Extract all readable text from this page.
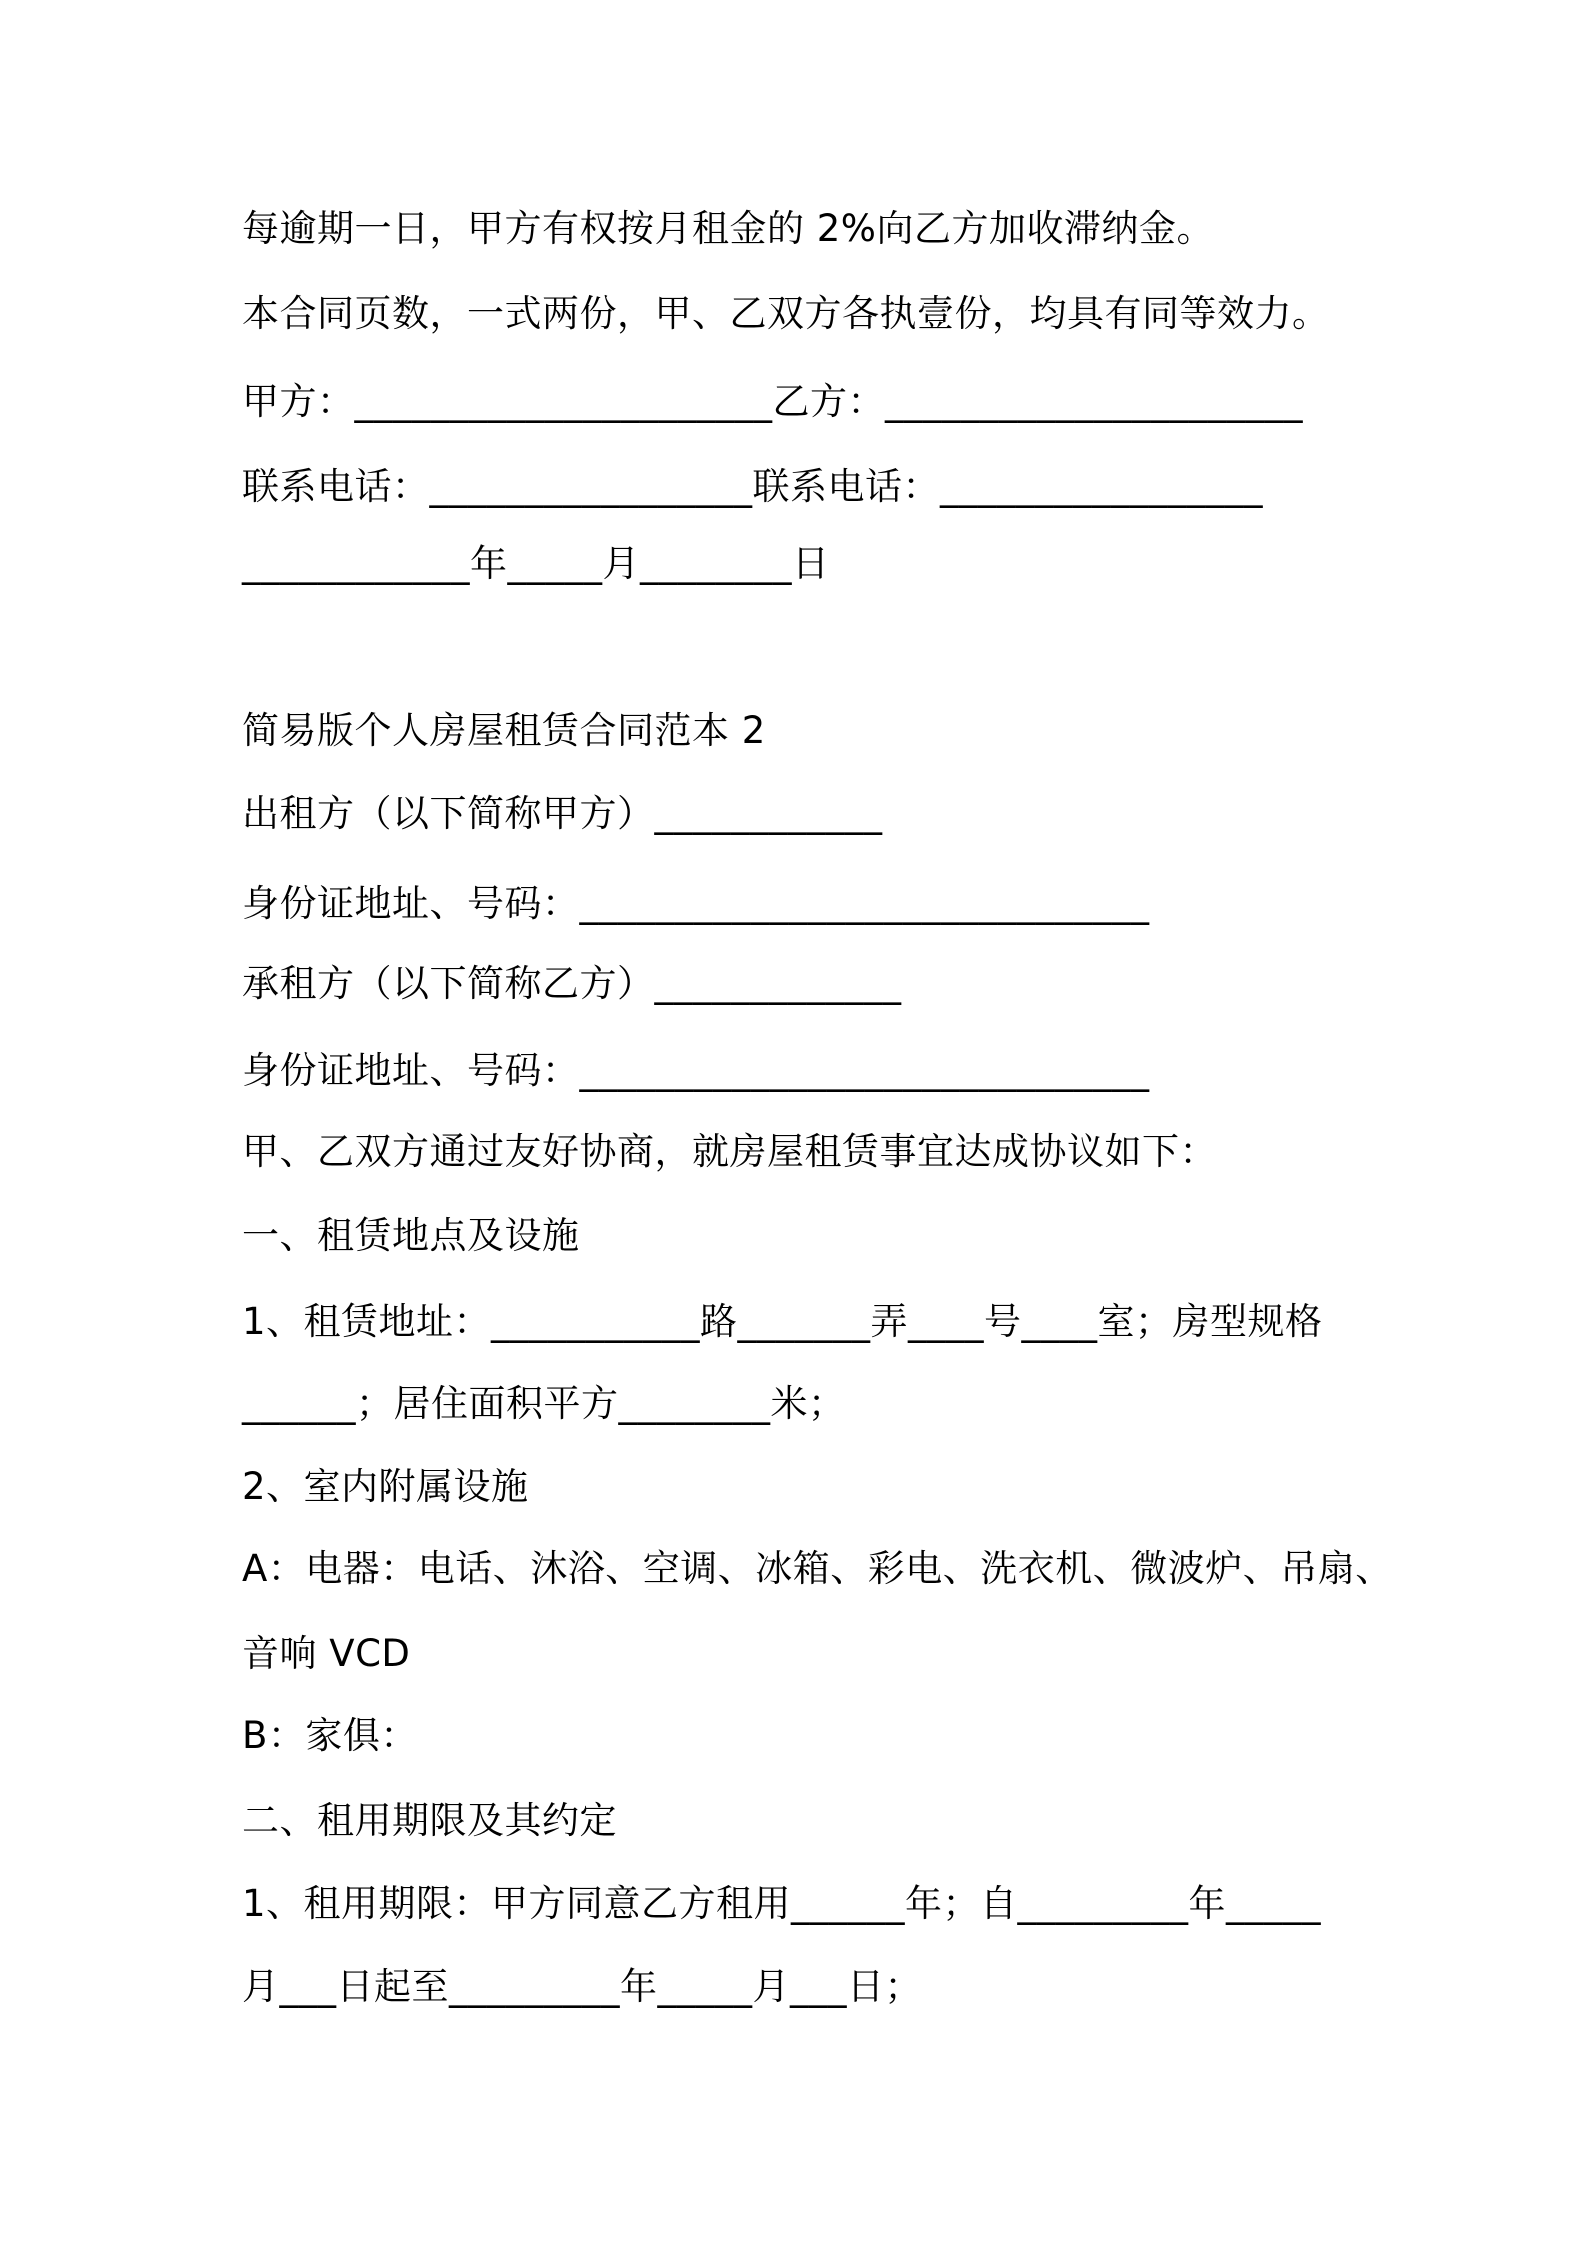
每逾期一日，甲方有权按月租金的 2%向乙方加收滞纳金。
本合同页数，一式两份，甲、乙双方各执壹份，均具有同等效力。
甲方：______________________乙方：______________________
联系电话：_________________联系电话：_________________
____________年_____月________日
简易版个人房屋租赁合同范本 2
出租方（以下简称甲方）____________
身份证地址、号码：______________________________
承租方（以下简称乙方）_____________
身份证地址、号码：______________________________
甲、乙双方通过友好协商，就房屋租赁事宜达成协议如下：
一、租赁地点及设施
1、租赁地址：___________路_______弄____号____室；房型规格
______；居住面积平方________米；
2、室内附属设施
A：电器：电话、沐浴、空调、冰箱、彩电、洗衣机、微波炉、吊扇、
音响 VCD
B：家俱：
二、租用期限及其约定
1、租用期限：甲方同意乙方租用______年；自_________年_____
月___日起至_________年_____月___日；
